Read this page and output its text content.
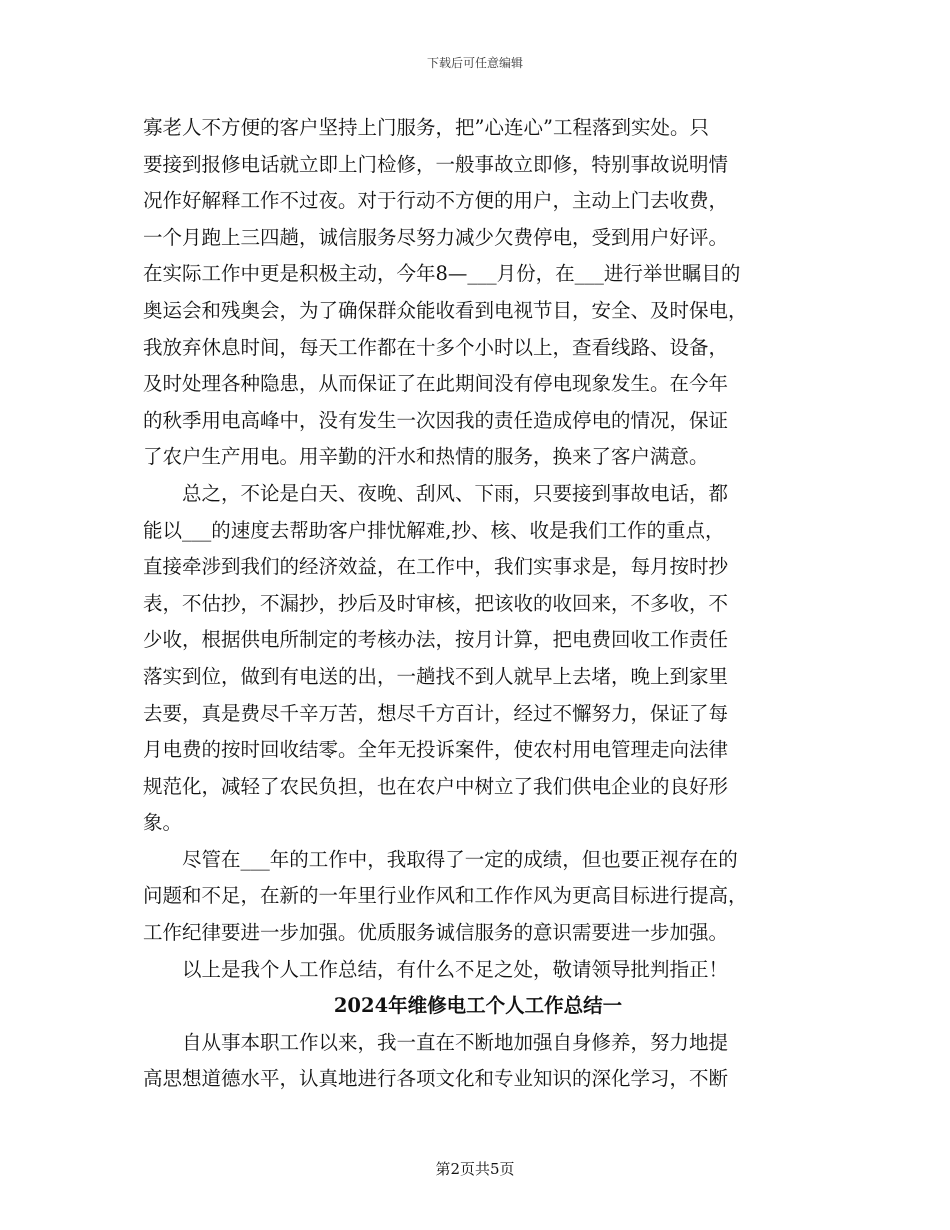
下载后可任意编辑
寡老人不方便的客户坚持上门服务，把”心连心”工程落到实处。只
要接到报修电话就立即上门检修，一般事故立即修，特别事故说明情
况作好解释工作不过夜。对于行动不方便的用户，主动上门去收费，
一个月跑上三四趟，诚信服务尽努力减少欠费停电，受到用户好评。
在实际工作中更是积极主动，今年8—___月份，在___进行举世瞩目的
奥运会和残奥会，为了确保群众能收看到电视节目，安全、及时保电，
我放弃休息时间，每天工作都在十多个小时以上，查看线路、设备，
及时处理各种隐患，从而保证了在此期间没有停电现象发生。在今年
的秋季用电高峰中，没有发生一次因我的责任造成停电的情况，保证
了农户生产用电。用辛勤的汗水和热情的服务，换来了客户满意。
总之，不论是白天、夜晚、刮风、下雨，只要接到事故电话，都
能以___的速度去帮助客户排忧解难,抄、核、收是我们工作的重点，
直接牵涉到我们的经济效益，在工作中，我们实事求是，每月按时抄
表，不估抄，不漏抄，抄后及时审核，把该收的收回来，不多收，不
少收，根据供电所制定的考核办法，按月计算，把电费回收工作责任
落实到位，做到有电送的出，一趟找不到人就早上去堵，晚上到家里
去要，真是费尽千辛万苦，想尽千方百计，经过不懈努力，保证了每
月电费的按时回收结零。全年无投诉案件，使农村用电管理走向法律
规范化，减轻了农民负担，也在农户中树立了我们供电企业的良好形
象。
尽管在___年的工作中，我取得了一定的成绩，但也要正视存在的
问题和不足，在新的一年里行业作风和工作作风为更高目标进行提高，
工作纪律要进一步加强。优质服务诚信服务的意识需要进一步加强。
以上是我个人工作总结，有什么不足之处，敬请领导批判指正！
2024年维修电工个人工作总结一
自从事本职工作以来，我一直在不断地加强自身修养，努力地提
高思想道德水平，认真地进行各项文化和专业知识的深化学习，不断
第2页共5页
